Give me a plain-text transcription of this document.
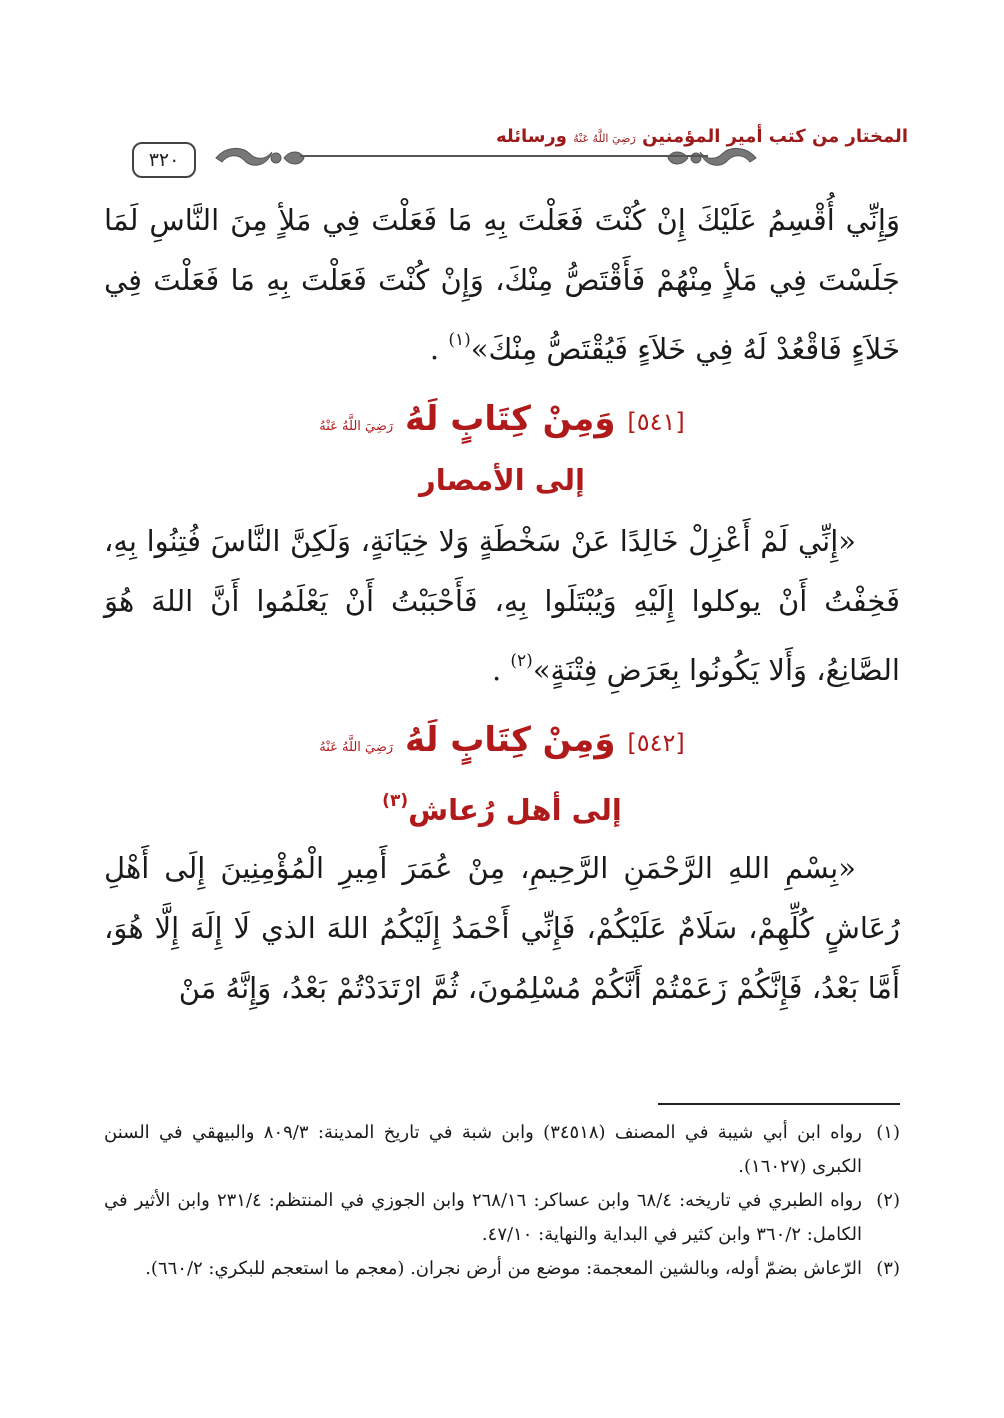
٣٢٠
المختار من كتب أمير المؤمنين رَضِيَ اللَّهُ عَنْهُ ورسائله

وَإِنِّي أُقْسِمُ عَلَيْكَ إِنْ كُنْتَ فَعَلْتَ بِهِ مَا فَعَلْتَ فِي مَلأٍ مِنَ النَّاسِ لَمَا جَلَسْتَ فِي مَلأٍ مِنْهُمْ فَأَقْتَصُّ مِنْكَ، وَإِنْ كُنْتَ فَعَلْتَ بِهِ مَا فَعَلْتَ فِي خَلاَءٍ فَاقْعُدْ لَهُ فِي خَلاَءٍ فَيُقْتَصُّ مِنْكَ»$^{(١)}$ .

[٥٤١] وَمِنْ كِتَابٍ لَهُ رَضِيَ اللَّهُ عَنْهُ
إلى الأمصار

«إِنِّي لَمْ أَعْزِلْ خَالِدًا عَنْ سَخْطَةٍ وَلا خِيَانَةٍ، وَلَكِنَّ النَّاسَ فُتِنُوا بِهِ، فَخِفْتُ أَنْ يوكلوا إِلَيْهِ وَيُبْتَلَوا بِهِ، فَأَحْبَبْتُ أَنْ يَعْلَمُوا أَنَّ اللهَ هُوَ الصَّانِعُ، وَأَلا يَكُونُوا بِعَرَضِ فِتْنَةٍ»$^{(٢)}$ .

[٥٤٢] وَمِنْ كِتَابٍ لَهُ رَضِيَ اللَّهُ عَنْهُ
إلى أهل رُعاش$^{(٣)}$

«بِسْمِ اللهِ الرَّحْمَنِ الرَّحِيمِ، مِنْ عُمَرَ أَمِيرِ الْمُؤْمِنِينَ إِلَى أَهْلِ رُعَاشٍ كُلِّهِمْ، سَلَامٌ عَلَيْكُمْ، فَإِنِّي أَحْمَدُ إِلَيْكُمُ اللهَ الذي لَا إِلَهَ إِلَّا هُوَ، أَمَّا بَعْدُ، فَإِنَّكُمْ زَعَمْتُمْ أَنَّكُمْ مُسْلِمُونَ، ثُمَّ ارْتَدَدْتُمْ بَعْدُ، وَإِنَّهُ مَنْ

(١)
رواه ابن أبي شيبة في المصنف (٣٤٥١٨) وابن شبة في تاريخ المدينة: ٨٠٩/٣ والبيهقي في السنن الكبرى (١٦٠٢٧).
(٢)
رواه الطبري في تاريخه: ٦٨/٤ وابن عساكر: ٢٦٨/١٦ وابن الجوزي في المنتظم: ٢٣١/٤ وابن الأثير في الكامل: ٣٦٠/٢ وابن كثير في البداية والنهاية: ٤٧/١٠.
(٣)
الرّعاش بضمّ أوله، وبالشين المعجمة: موضع من أرض نجران. (معجم ما استعجم للبكري: ٦٦٠/٢).
